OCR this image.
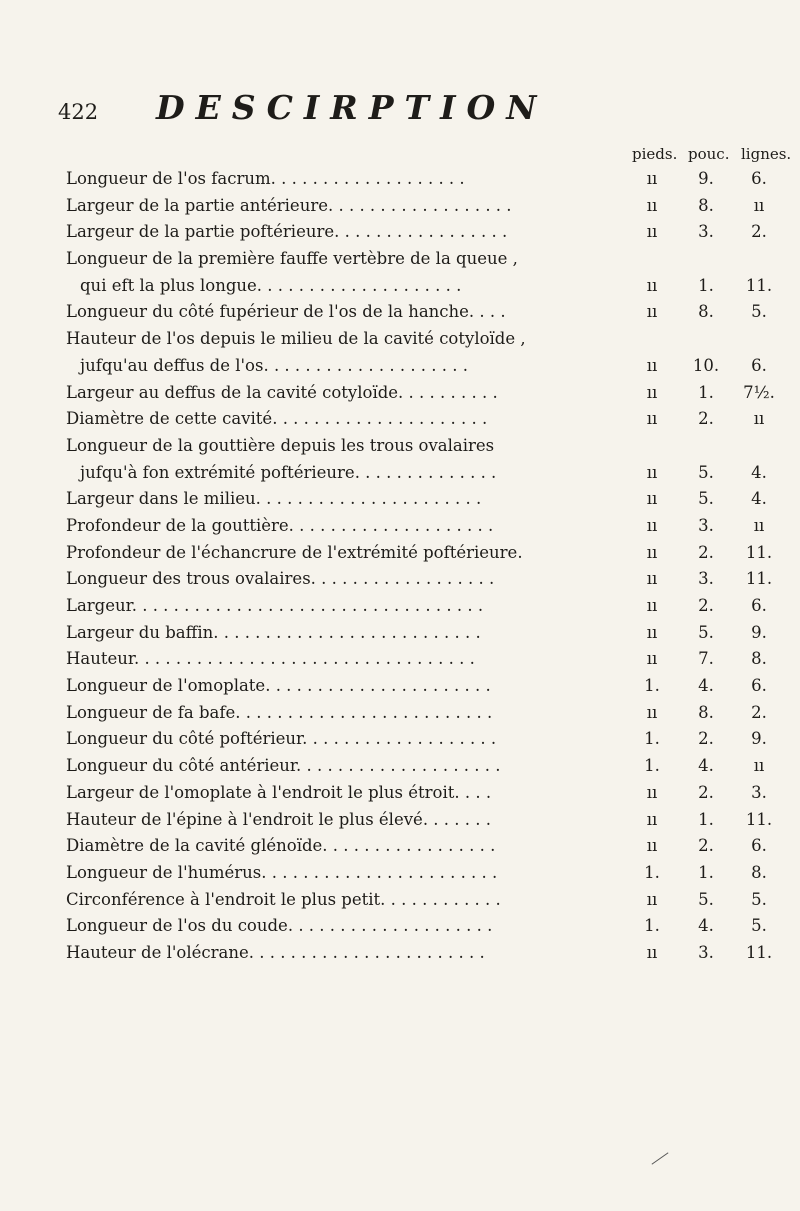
422 DESCIRPTION
pieds. pouc. lignes.
Longueur de l'os facrum. . . . . . . . . . . . . . . . . . .	ıı	9.	6.
Largeur de la partie antérieure. . . . . . . . . . . . . . . . . .	ıı	8.	ıı
Largeur de la partie poftérieure. . . . . . . . . . . . . . . . .	ıı	3.	2.
Longueur de la première fauffe vertèbre de la queue ,
qui eft la plus longue. . . . . . . . . . . . . . . . . . . .	ıı	1.	11.
Longueur du côté fupérieur de l'os de la hanche. . . .	ıı	8.	5.
Hauteur de l'os depuis le milieu de la cavité cotyloïde ,
jufqu'au deffus de l'os. . . . . . . . . . . . . . . . . . . .	ıı	10.	6.
Largeur au deffus de la cavité cotyloïde. . . . . . . . . .	ıı	1.	7½.
Diamètre de cette cavité. . . . . . . . . . . . . . . . . . . . .	ıı	2.	ıı
Longueur de la gouttière depuis les trous ovalaires
jufqu'à fon extrémité poftérieure. . . . . . . . . . . . . .	ıı	5.	4.
Largeur dans le milieu. . . . . . . . . . . . . . . . . . . . . .	ıı	5.	4.
Profondeur de la gouttière. . . . . . . . . . . . . . . . . . . .	ıı	3.	ıı
Profondeur de l'échancrure de l'extrémité poftérieure.	ıı	2.	11.
Longueur des trous ovalaires. . . . . . . . . . . . . . . . . .	ıı	3.	11.
Largeur. . . . . . . . . . . . . . . . . . . . . . . . . . . . . . . . . .	ıı	2.	6.
Largeur du baffin. . . . . . . . . . . . . . . . . . . . . . . . . .	ıı	5.	9.
Hauteur. . . . . . . . . . . . . . . . . . . . . . . . . . . . . . . . .	ıı	7.	8.
Longueur de l'omoplate. . . . . . . . . . . . . . . . . . . . . .	1.	4.	6.
Longueur de fa bafe. . . . . . . . . . . . . . . . . . . . . . . . .	ıı	8.	2.
Longueur du côté poftérieur. . . . . . . . . . . . . . . . . . .	1.	2.	9.
Longueur du côté antérieur. . . . . . . . . . . . . . . . . . . .	1.	4.	ıı
Largeur de l'omoplate à l'endroit le plus étroit. . . .	ıı	2.	3.
Hauteur de l'épine à l'endroit le plus élevé. . . . . . .	ıı	1.	11.
Diamètre de la cavité glénoïde. . . . . . . . . . . . . . . . .	ıı	2.	6.
Longueur de l'humérus. . . . . . . . . . . . . . . . . . . . . . .	1.	1.	8.
Circonférence à l'endroit le plus petit. . . . . . . . . . . .	ıı	5.	5.
Longueur de l'os du coude. . . . . . . . . . . . . . . . . . . .	1.	4.	5.
Hauteur de l'olécrane. . . . . . . . . . . . . . . . . . . . . . .	ıı	3.	11.
